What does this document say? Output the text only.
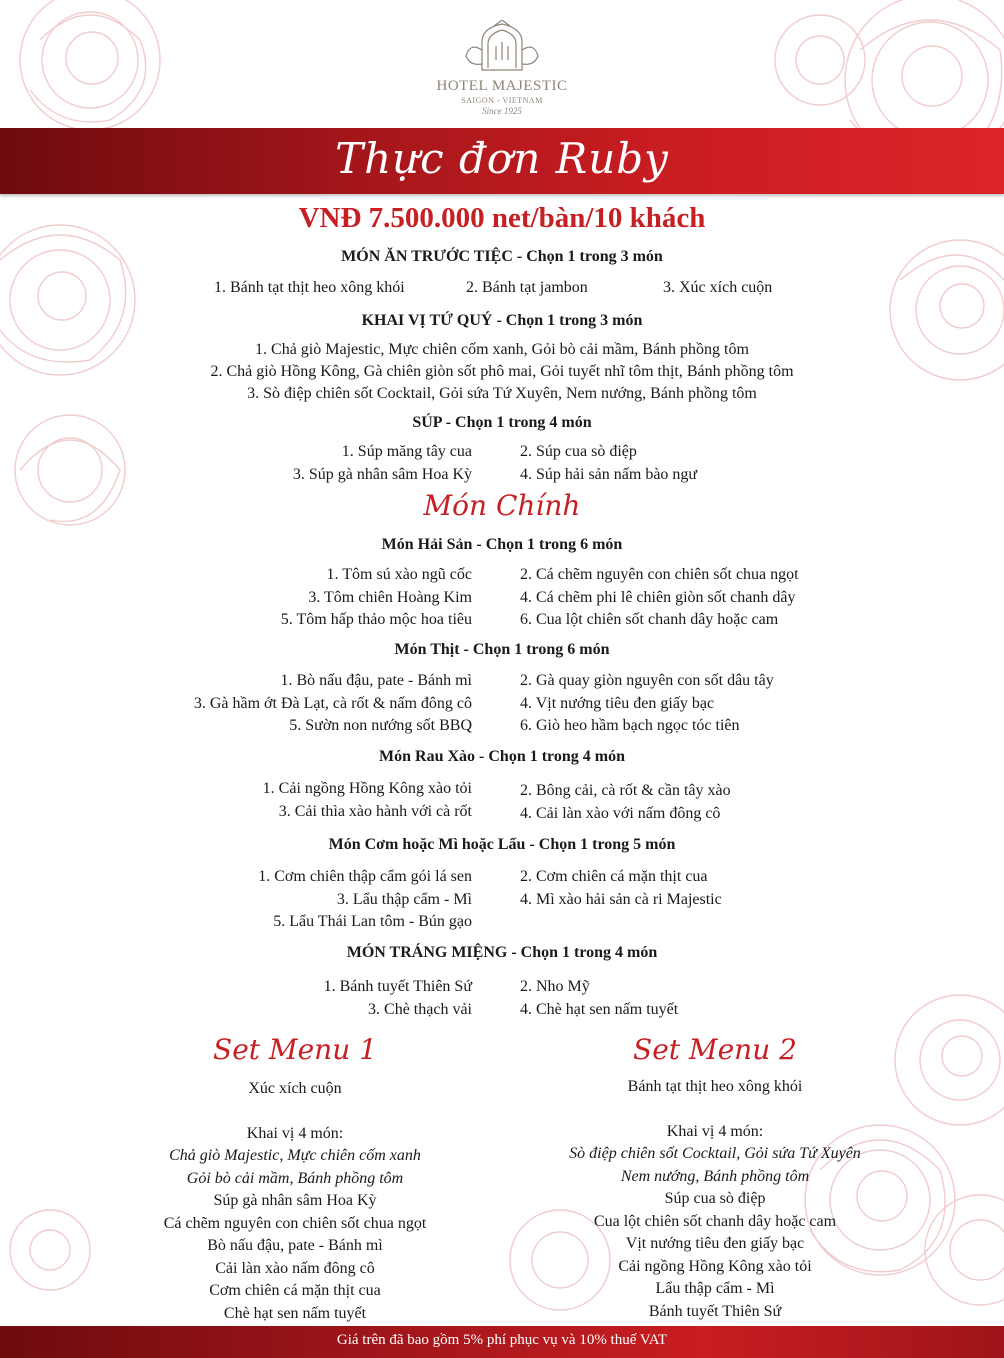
HOTEL MAJESTIC
SAIGON - VIETNAM
Since 1925
Thực đơn Ruby
VNĐ 7.500.000 net/bàn/10 khách
MÓN ĂN TRƯỚC TIỆC - Chọn 1 trong 3 món
1. Bánh tạt thịt heo xông khói	2. Bánh tạt jambon	3. Xúc xích cuộn
KHAI VỊ TỨ QUÝ - Chọn 1 trong 3 món
1. Chả giò Majestic, Mực chiên cốm xanh, Gỏi bò cải mầm, Bánh phồng tôm
2. Chả giò Hồng Kông, Gà chiên giòn sốt phô mai, Gỏi tuyết nhĩ tôm thịt, Bánh phồng tôm
3. Sò điệp chiên sốt Cocktail, Gỏi sứa Tứ Xuyên, Nem nướng, Bánh phồng tôm
SÚP - Chọn 1 trong 4 món
1. Súp măng tây cua
3. Súp gà nhân sâm Hoa Kỳ
2. Súp cua sò điệp
4. Súp hải sản nấm bào ngư
Món Chính
Món Hải Sản - Chọn 1 trong 6 món
1. Tôm sú xào ngũ cốc
3. Tôm chiên Hoàng Kim
5. Tôm hấp thảo mộc hoa tiêu
2. Cá chẽm nguyên con chiên sốt chua ngọt
4. Cá chẽm phi lê chiên giòn sốt chanh dây
6. Cua lột chiên sốt chanh dây hoặc cam
Món Thịt - Chọn 1 trong 6 món
1. Bò nấu đậu, pate - Bánh mì
3. Gà hầm ớt Đà Lạt, cà rốt & nấm đông cô
5. Sườn non nướng sốt BBQ
2. Gà quay giòn nguyên con sốt dâu tây
4. Vịt nướng tiêu đen giấy bạc
6. Giò heo hầm bạch ngọc tóc tiên
Món Rau Xào - Chọn 1 trong 4 món
1. Cải ngồng Hồng Kông xào tỏi
3. Cải thìa xào hành với cà rốt
2. Bông cải, cà rốt & cần tây xào
4. Cải làn xào với nấm đông cô
Món Cơm hoặc Mì hoặc Lẩu - Chọn 1 trong 5 món
1. Cơm chiên thập cẩm gói lá sen
3. Lẩu thập cẩm - Mì
5. Lẩu Thái Lan tôm - Bún gạo
2. Cơm chiên cá mặn thịt cua
4. Mì xào hải sản cà ri Majestic
MÓN TRÁNG MIỆNG - Chọn 1 trong 4 món
1. Bánh tuyết Thiên Sứ
3. Chè thạch vải
2. Nho Mỹ
4. Chè hạt sen nấm tuyết
Set Menu 1
Xúc xích cuộn
Khai vị 4 món:
Chả giò Majestic, Mực chiên cốm xanh
Gỏi bò cải mầm, Bánh phồng tôm
Súp gà nhân sâm Hoa Kỳ
Cá chẽm nguyên con chiên sốt chua ngọt
Bò nấu đậu, pate - Bánh mì
Cải làn xào nấm đông cô
Cơm chiên cá mặn thịt cua
Chè hạt sen nấm tuyết
Set Menu 2
Bánh tạt thịt heo xông khói
Khai vị 4 món:
Sò điệp chiên sốt Cocktail, Gỏi sứa Tứ Xuyên
Nem nướng, Bánh phồng tôm
Súp cua sò điệp
Cua lột chiên sốt chanh dây hoặc cam
Vịt nướng tiêu đen giấy bạc
Cải ngồng Hồng Kông xào tỏi
Lẩu thập cẩm - Mì
Bánh tuyết Thiên Sứ
Giá trên đã bao gồm 5% phí phục vụ và 10% thuế VAT
